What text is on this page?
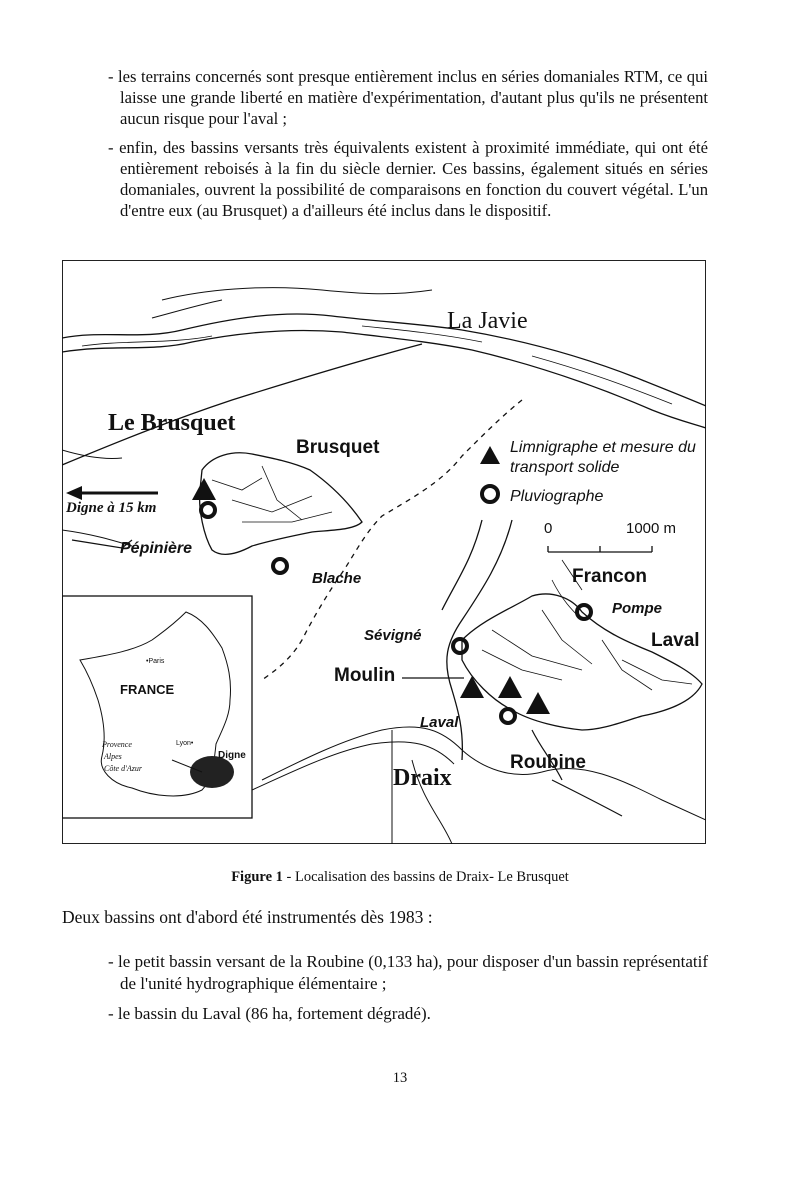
- les terrains concernés sont presque entièrement inclus en séries domaniales RTM, ce qui laisse une grande liberté en matière d'expérimentation, d'autant plus qu'ils ne présentent aucun risque pour l'aval ;
- enfin, des bassins versants très équivalents existent à proximité immédiate, qui ont été entièrement reboisés à la fin du siècle dernier. Ces bassins, également situés en séries domaniales, ouvrent la possibilité de comparaisons en fonction du couvert végétal. L'un d'entre eux (au Brusquet) a d'ailleurs été inclus dans le dispositif.
La Javie
Le Brusquet
Brusquet
Digne à 15 km
Pépinière
Blache
Sévigné
Moulin
Laval
Draix
Roubine
Francon
Pompe
Laval
Limnigraphe et mesure du transport solide
Pluviographe
0	1000 m
FRANCE
•Paris
Lyon•
Provence
Alpes
Côte d'Azur
Digne
Figure 1 - Localisation des bassins de Draix- Le Brusquet
Deux bassins ont d'abord été instrumentés dès 1983 :
- le petit bassin versant de la Roubine (0,133 ha), pour disposer d'un bassin représentatif de l'unité hydrographique élémentaire ;
- le bassin du Laval (86 ha, fortement dégradé).
13
